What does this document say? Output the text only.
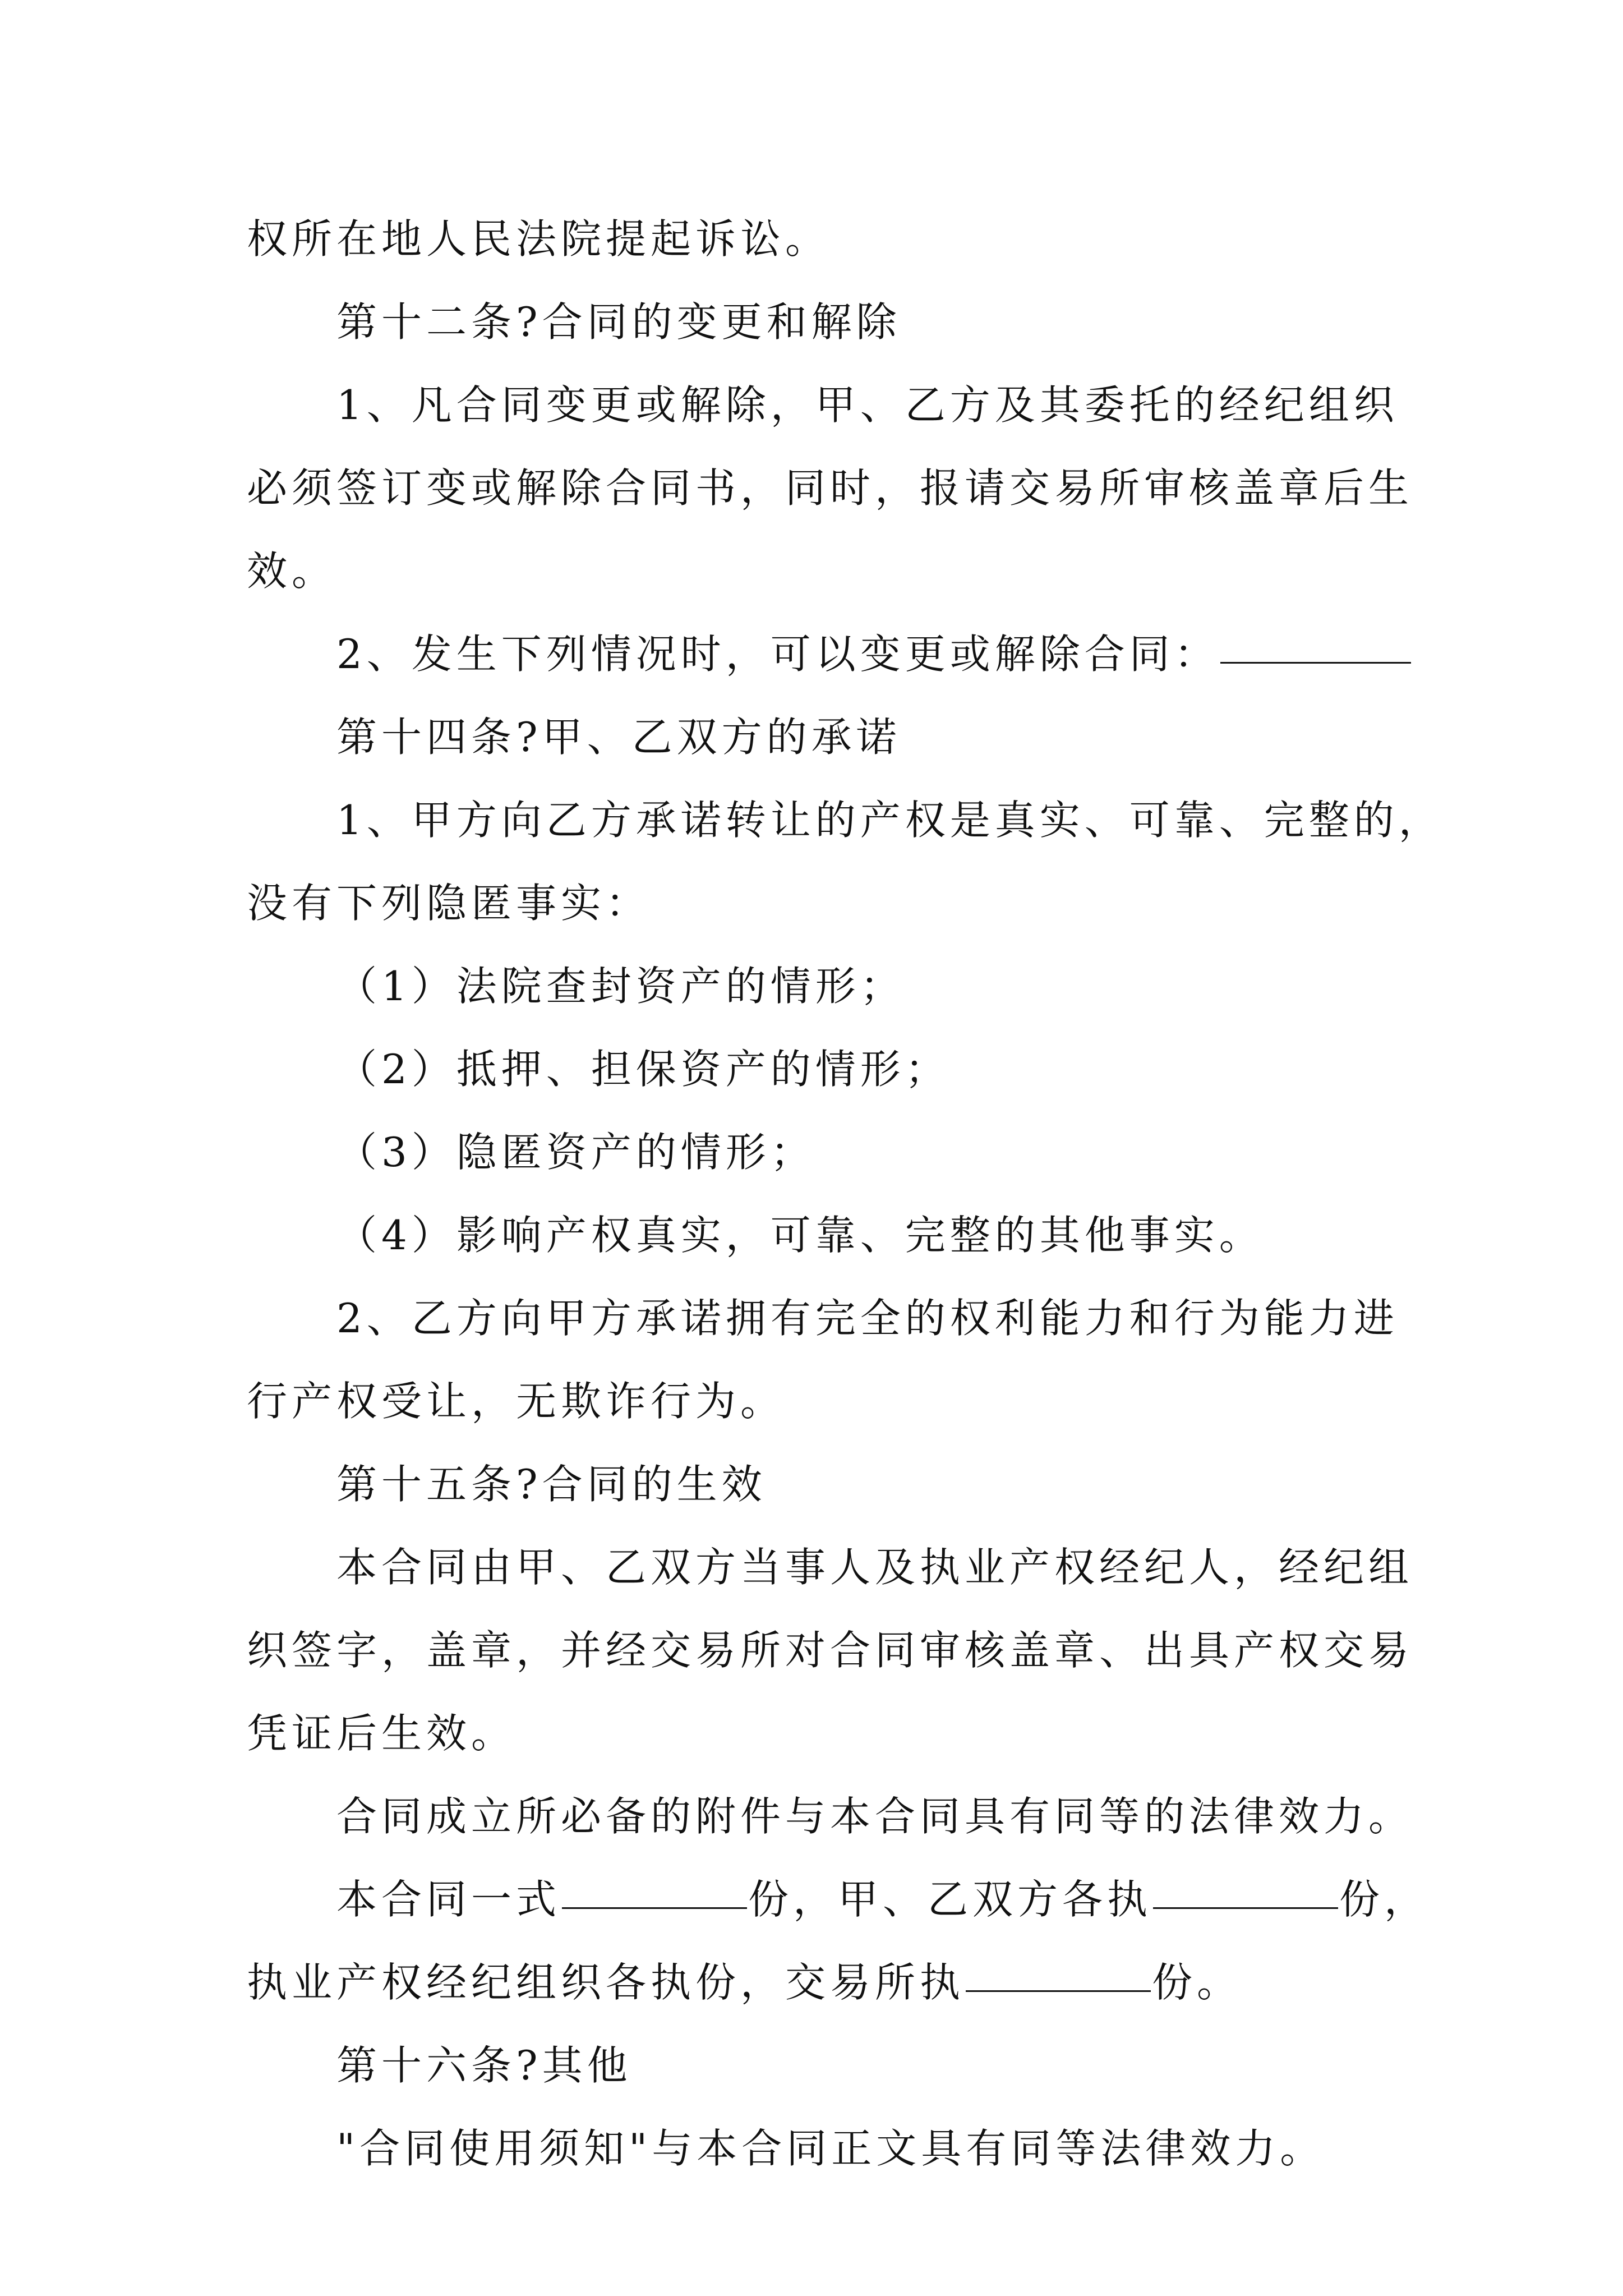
权所在地人民法院提起诉讼。
第十二条?合同的变更和解除
1、凡合同变更或解除，甲、乙方及其委托的经纪组织
必须签订变或解除合同书，同时，报请交易所审核盖章后生
效。
2、发生下列情况时，可以变更或解除合同：
第十四条?甲、乙双方的承诺
1、甲方向乙方承诺转让的产权是真实、可靠、完整的，
没有下列隐匿事实：
（1）法院查封资产的情形；
（2）抵押、担保资产的情形；
（3）隐匿资产的情形；
（4）影响产权真实，可靠、完整的其他事实。
2、乙方向甲方承诺拥有完全的权利能力和行为能力进
行产权受让，无欺诈行为。
第十五条?合同的生效
本合同由甲、乙双方当事人及执业产权经纪人，经纪组
织签字，盖章，并经交易所对合同审核盖章、出具产权交易
凭证后生效。
合同成立所必备的附件与本合同具有同等的法律效力。
本合同一式	份，甲、乙双方各执	份，
执业产权经纪组织各执份，交易所执	份。
第十六条?其他
"合同使用须知"与本合同正文具有同等法律效力。
